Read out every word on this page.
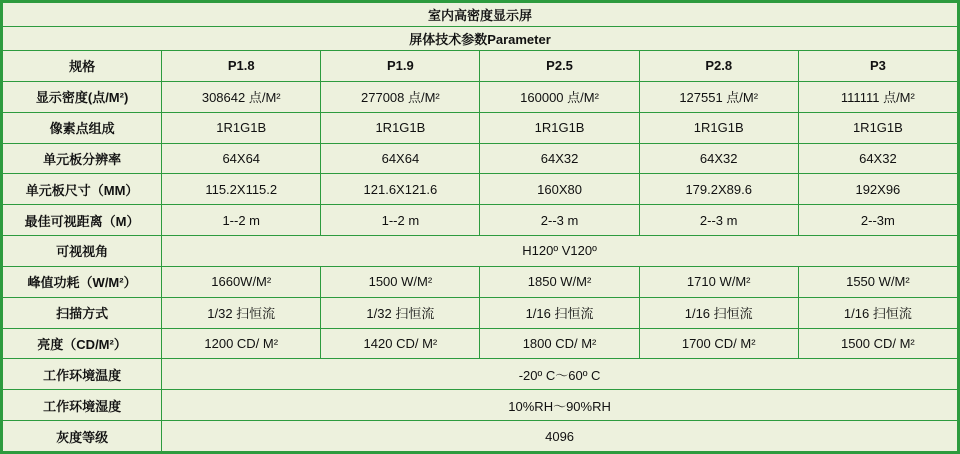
室内高密度显示屏					
屏体技术参数Parameter					
规格	P1.8	P1.9	P2.5	P2.8	P3
显示密度(点/M²)	308642 点/M²	277008 点/M²	160000 点/M²	127551 点/M²	111111 点/M²
像素点组成	1R1G1B	1R1G1B	1R1G1B	1R1G1B	1R1G1B
单元板分辨率	64X64	64X64	64X32	64X32	64X32
单元板尺寸（MM）	115.2X115.2	121.6X121.6	160X80	179.2X89.6	192X96
最佳可视距离（M）	1--2 m	1--2 m	2--3 m	2--3 m	2--3m
可视视角	H120º V120º				
峰值功耗（W/M²）	1660W/M²	1500 W/M²	1850 W/M²	1710 W/M²	1550 W/M²
扫描方式	1/32 扫恒流	1/32 扫恒流	1/16 扫恒流	1/16 扫恒流	1/16 扫恒流
亮度（CD/M²）	1200 CD/ M²	1420 CD/ M²	1800 CD/ M²	1700 CD/ M²	1500 CD/ M²
工作环境温度	-20º C～60º C				
工作环境湿度	10%RH～90%RH				
灰度等级	4096				
